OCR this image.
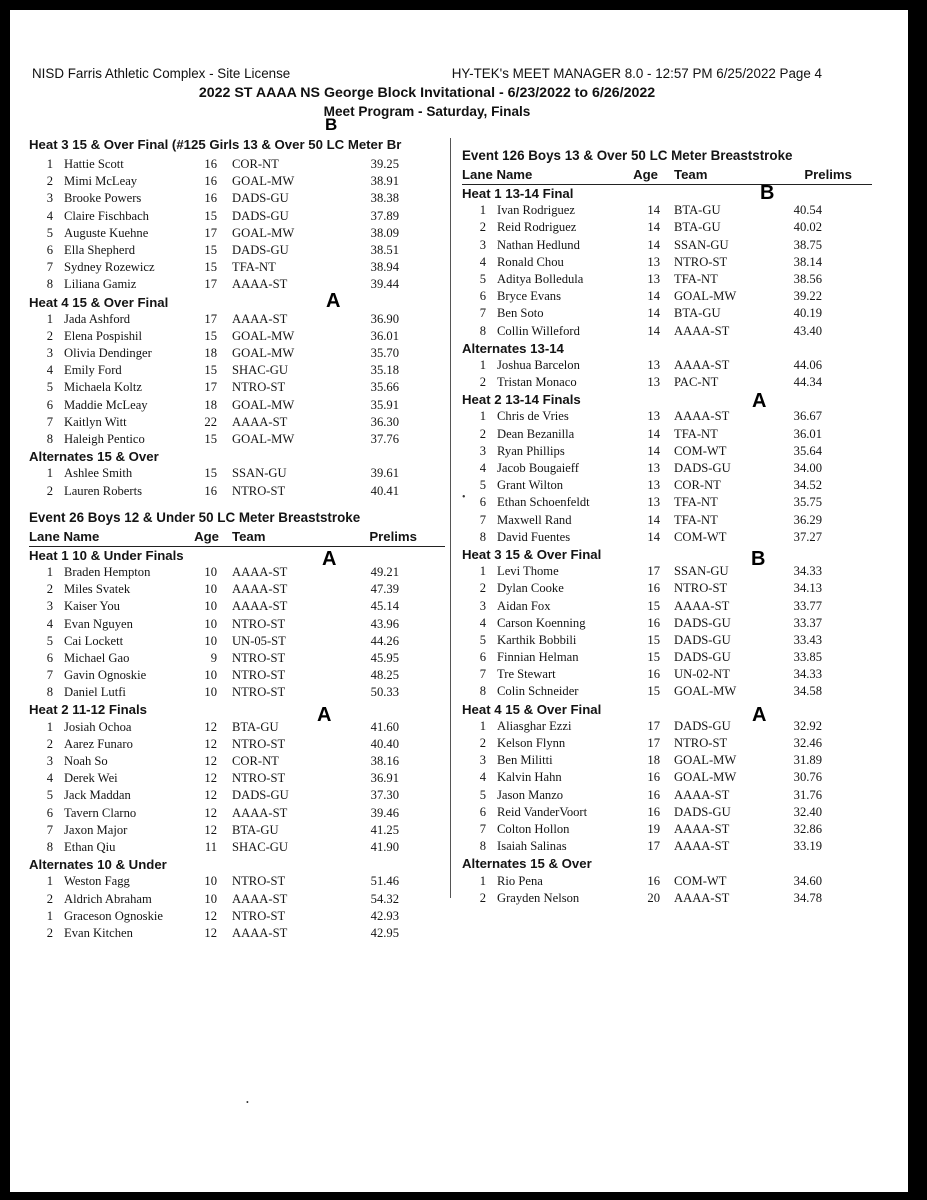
NISD Farris Athletic Complex - Site License	HY-TEK's MEET MANAGER 8.0 - 12:57 PM 6/25/2022 Page 4
2022 ST AAAA NS George Block Invitational - 6/23/2022 to 6/26/2022
Meet Program - Saturday, Finals
Heat 3 15 & Over Final (#125 Girls 13 & Over 50 LC Meter Br
1 Hattie Scott	16 COR-NT	39.25
2 Mimi McLeay	16 GOAL-MW	38.91
3 Brooke Powers	16 DADS-GU	38.38
4 Claire Fischbach	15 DADS-GU	37.89
5 Auguste Kuehne	17 GOAL-MW	38.09
6 Ella Shepherd	15 DADS-GU	38.51
7 Sydney Rozewicz	15 TFA-NT	38.94
8 Liliana Gamiz	17 AAAA-ST	39.44
Heat 4 15 & Over Final
1 Jada Ashford	17 AAAA-ST	36.90
2 Elena Pospishil	15 GOAL-MW	36.01
3 Olivia Dendinger	18 GOAL-MW	35.70
4 Emily Ford	15 SHAC-GU	35.18
5 Michaela Koltz	17 NTRO-ST	35.66
6 Maddie McLeay	18 GOAL-MW	35.91
7 Kaitlyn Witt	22 AAAA-ST	36.30
8 Haleigh Pentico	15 GOAL-MW	37.76
Alternates 15 & Over
1 Ashlee Smith	15 SSAN-GU	39.61
2 Lauren Roberts	16 NTRO-ST	40.41
Event 26 Boys 12 & Under 50 LC Meter Breaststroke
Lane Name	Age Team	Prelims
Heat 1 10 & Under Finals
1 Braden Hempton	10 AAAA-ST	49.21
2 Miles Svatek	10 AAAA-ST	47.39
3 Kaiser You	10 AAAA-ST	45.14
4 Evan Nguyen	10 NTRO-ST	43.96
5 Cai Lockett	10 UN-05-ST	44.26
6 Michael Gao	9 NTRO-ST	45.95
7 Gavin Ognoskie	10 NTRO-ST	48.25
8 Daniel Lutfi	10 NTRO-ST	50.33
Heat 2 11-12 Finals
1 Josiah Ochoa	12 BTA-GU	41.60
2 Aarez Funaro	12 NTRO-ST	40.40
3 Noah So	12 COR-NT	38.16
4 Derek Wei	12 NTRO-ST	36.91
5 Jack Maddan	12 DADS-GU	37.30
6 Tavern Clarno	12 AAAA-ST	39.46
7 Jaxon Major	12 BTA-GU	41.25
8 Ethan Qiu	11 SHAC-GU	41.90
Alternates 10 & Under
1 Weston Fagg	10 NTRO-ST	51.46
2 Aldrich Abraham	10 AAAA-ST	54.32
1 Graceson Ognoskie	12 NTRO-ST	42.93
2 Evan Kitchen	12 AAAA-ST	42.95
Event 126 Boys 13 & Over 50 LC Meter Breaststroke
Lane Name	Age Team	Prelims
Heat 1 13-14 Final
1 Ivan Rodriguez	14 BTA-GU	40.54
2 Reid Rodriguez	14 BTA-GU	40.02
3 Nathan Hedlund	14 SSAN-GU	38.75
4 Ronald Chou	13 NTRO-ST	38.14
5 Aditya Bolledula	13 TFA-NT	38.56
6 Bryce Evans	14 GOAL-MW	39.22
7 Ben Soto	14 BTA-GU	40.19
8 Collin Willeford	14 AAAA-ST	43.40
Alternates 13-14
1 Joshua Barcelon	13 AAAA-ST	44.06
2 Tristan Monaco	13 PAC-NT	44.34
Heat 2 13-14 Finals
1 Chris de Vries	13 AAAA-ST	36.67
2 Dean Bezanilla	14 TFA-NT	36.01
3 Ryan Phillips	14 COM-WT	35.64
4 Jacob Bougaieff	13 DADS-GU	34.00
5 Grant Wilton	13 COR-NT	34.52
6 Ethan Schoenfeldt	13 TFA-NT	35.75
7 Maxwell Rand	14 TFA-NT	36.29
8 David Fuentes	14 COM-WT	37.27
Heat 3 15 & Over Final
1 Levi Thome	17 SSAN-GU	34.33
2 Dylan Cooke	16 NTRO-ST	34.13
3 Aidan Fox	15 AAAA-ST	33.77
4 Carson Koenning	16 DADS-GU	33.37
5 Karthik Bobbili	15 DADS-GU	33.43
6 Finnian Helman	15 DADS-GU	33.85
7 Tre Stewart	16 UN-02-NT	34.33
8 Colin Schneider	15 GOAL-MW	34.58
Heat 4 15 & Over Final
1 Aliasghar Ezzi	17 DADS-GU	32.92
2 Kelson Flynn	17 NTRO-ST	32.46
3 Ben Militti	18 GOAL-MW	31.89
4 Kalvin Hahn	16 GOAL-MW	30.76
5 Jason Manzo	16 AAAA-ST	31.76
6 Reid VanderVoort	16 DADS-GU	32.40
7 Colton Hollon	19 AAAA-ST	32.86
8 Isaiah Salinas	17 AAAA-ST	33.19
Alternates 15 & Over
1 Rio Pena	16 COM-WT	34.60
2 Grayden Nelson	20 AAAA-ST	34.78
B
A
A
A
B
A
B
A
•
•
